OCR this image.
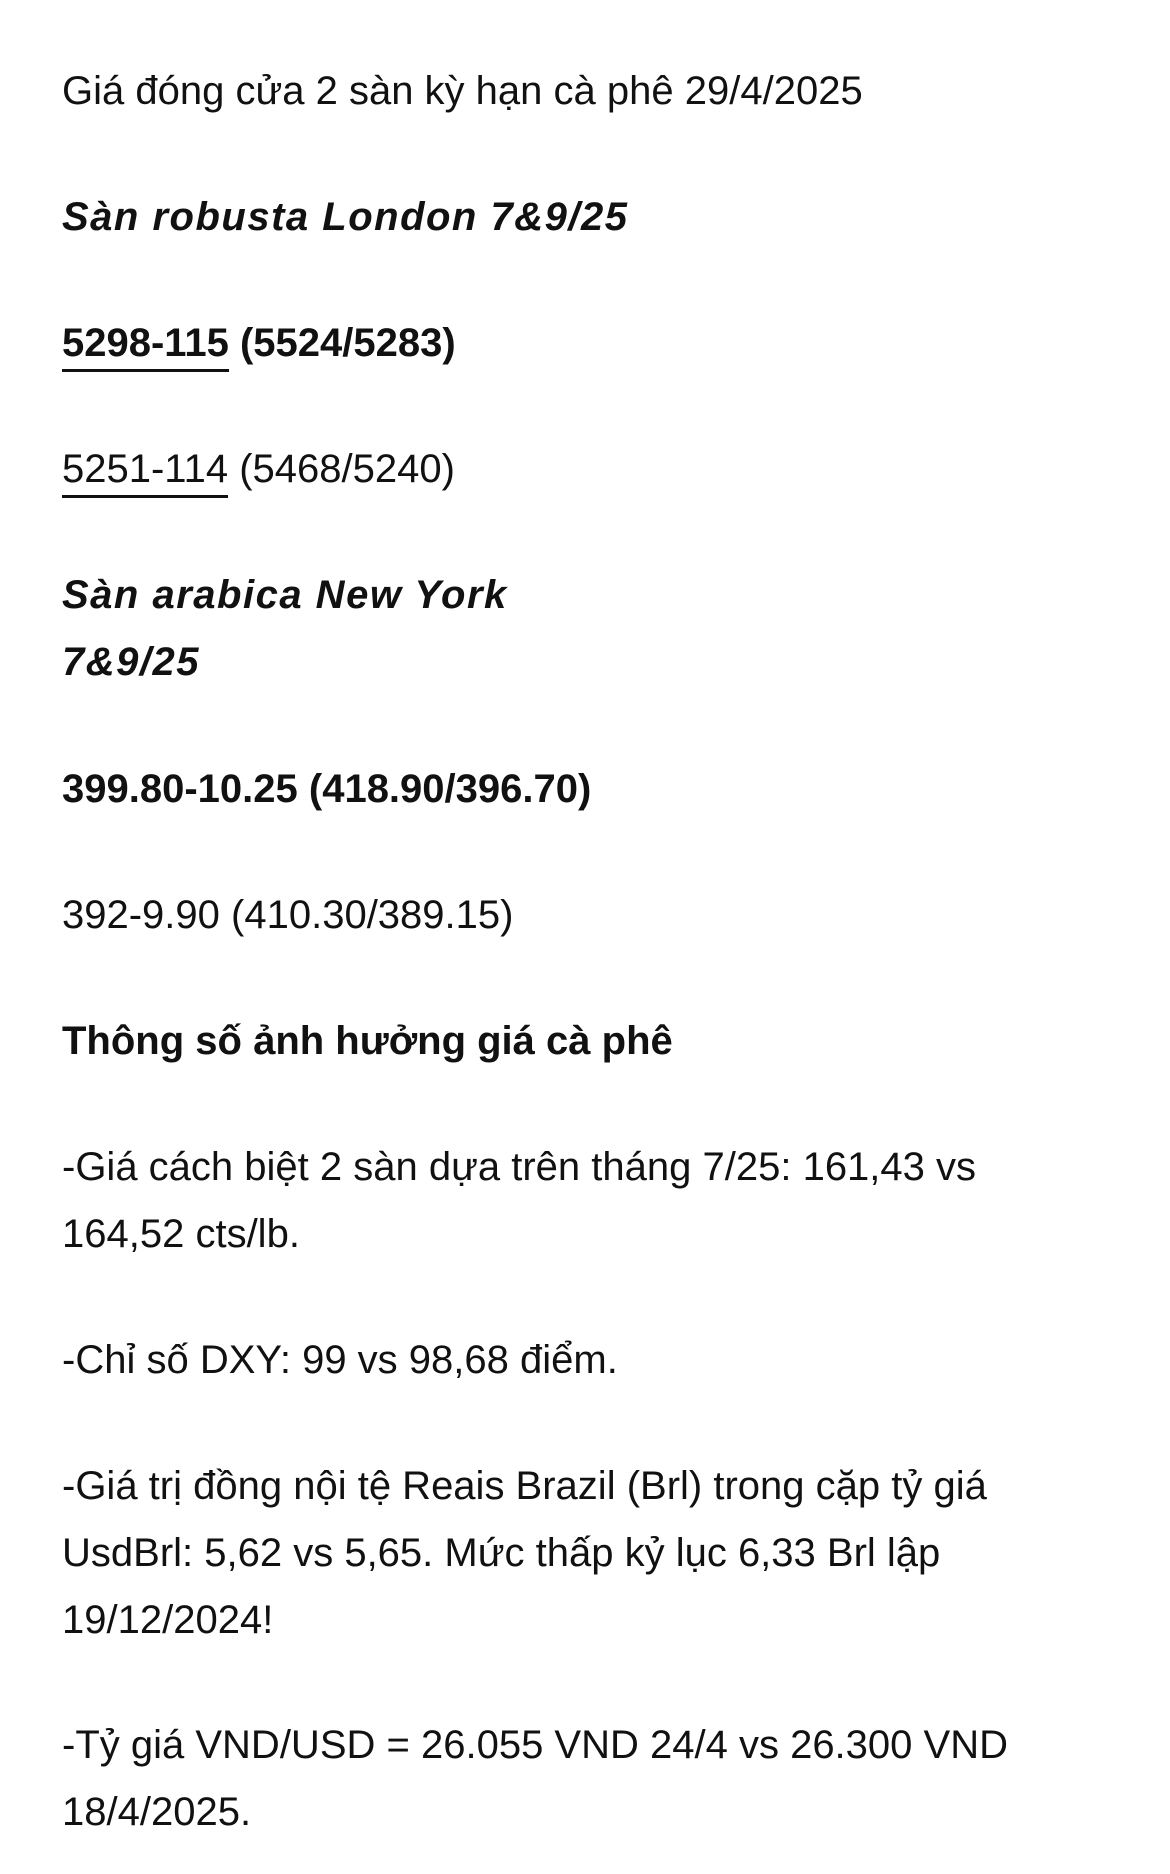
Giá đóng cửa 2 sàn kỳ hạn cà phê 29/4/2025

Sàn robusta London 7&9/25

5298-115 (5524/5283)

5251-114 (5468/5240)

Sàn arabica New York

7&9/25

399.80-10.25 (418.90/396.70)

392-9.90 (410.30/389.15)

Thông số ảnh hưởng giá cà phê

-Giá cách biệt 2 sàn dựa trên tháng 7/25: 161,43 vs 164,52 cts/lb.

-Chỉ số DXY: 99 vs 98,68 điểm.

-Giá trị đồng nội tệ Reais Brazil (Brl) trong cặp tỷ giá UsdBrl: 5,62 vs 5,65. Mức thấp kỷ lục 6,33 Brl lập 19/12/2024!

-Tỷ giá VND/USD = 26.055 VND 24/4 vs 26.300 VND 18/4/2025.
